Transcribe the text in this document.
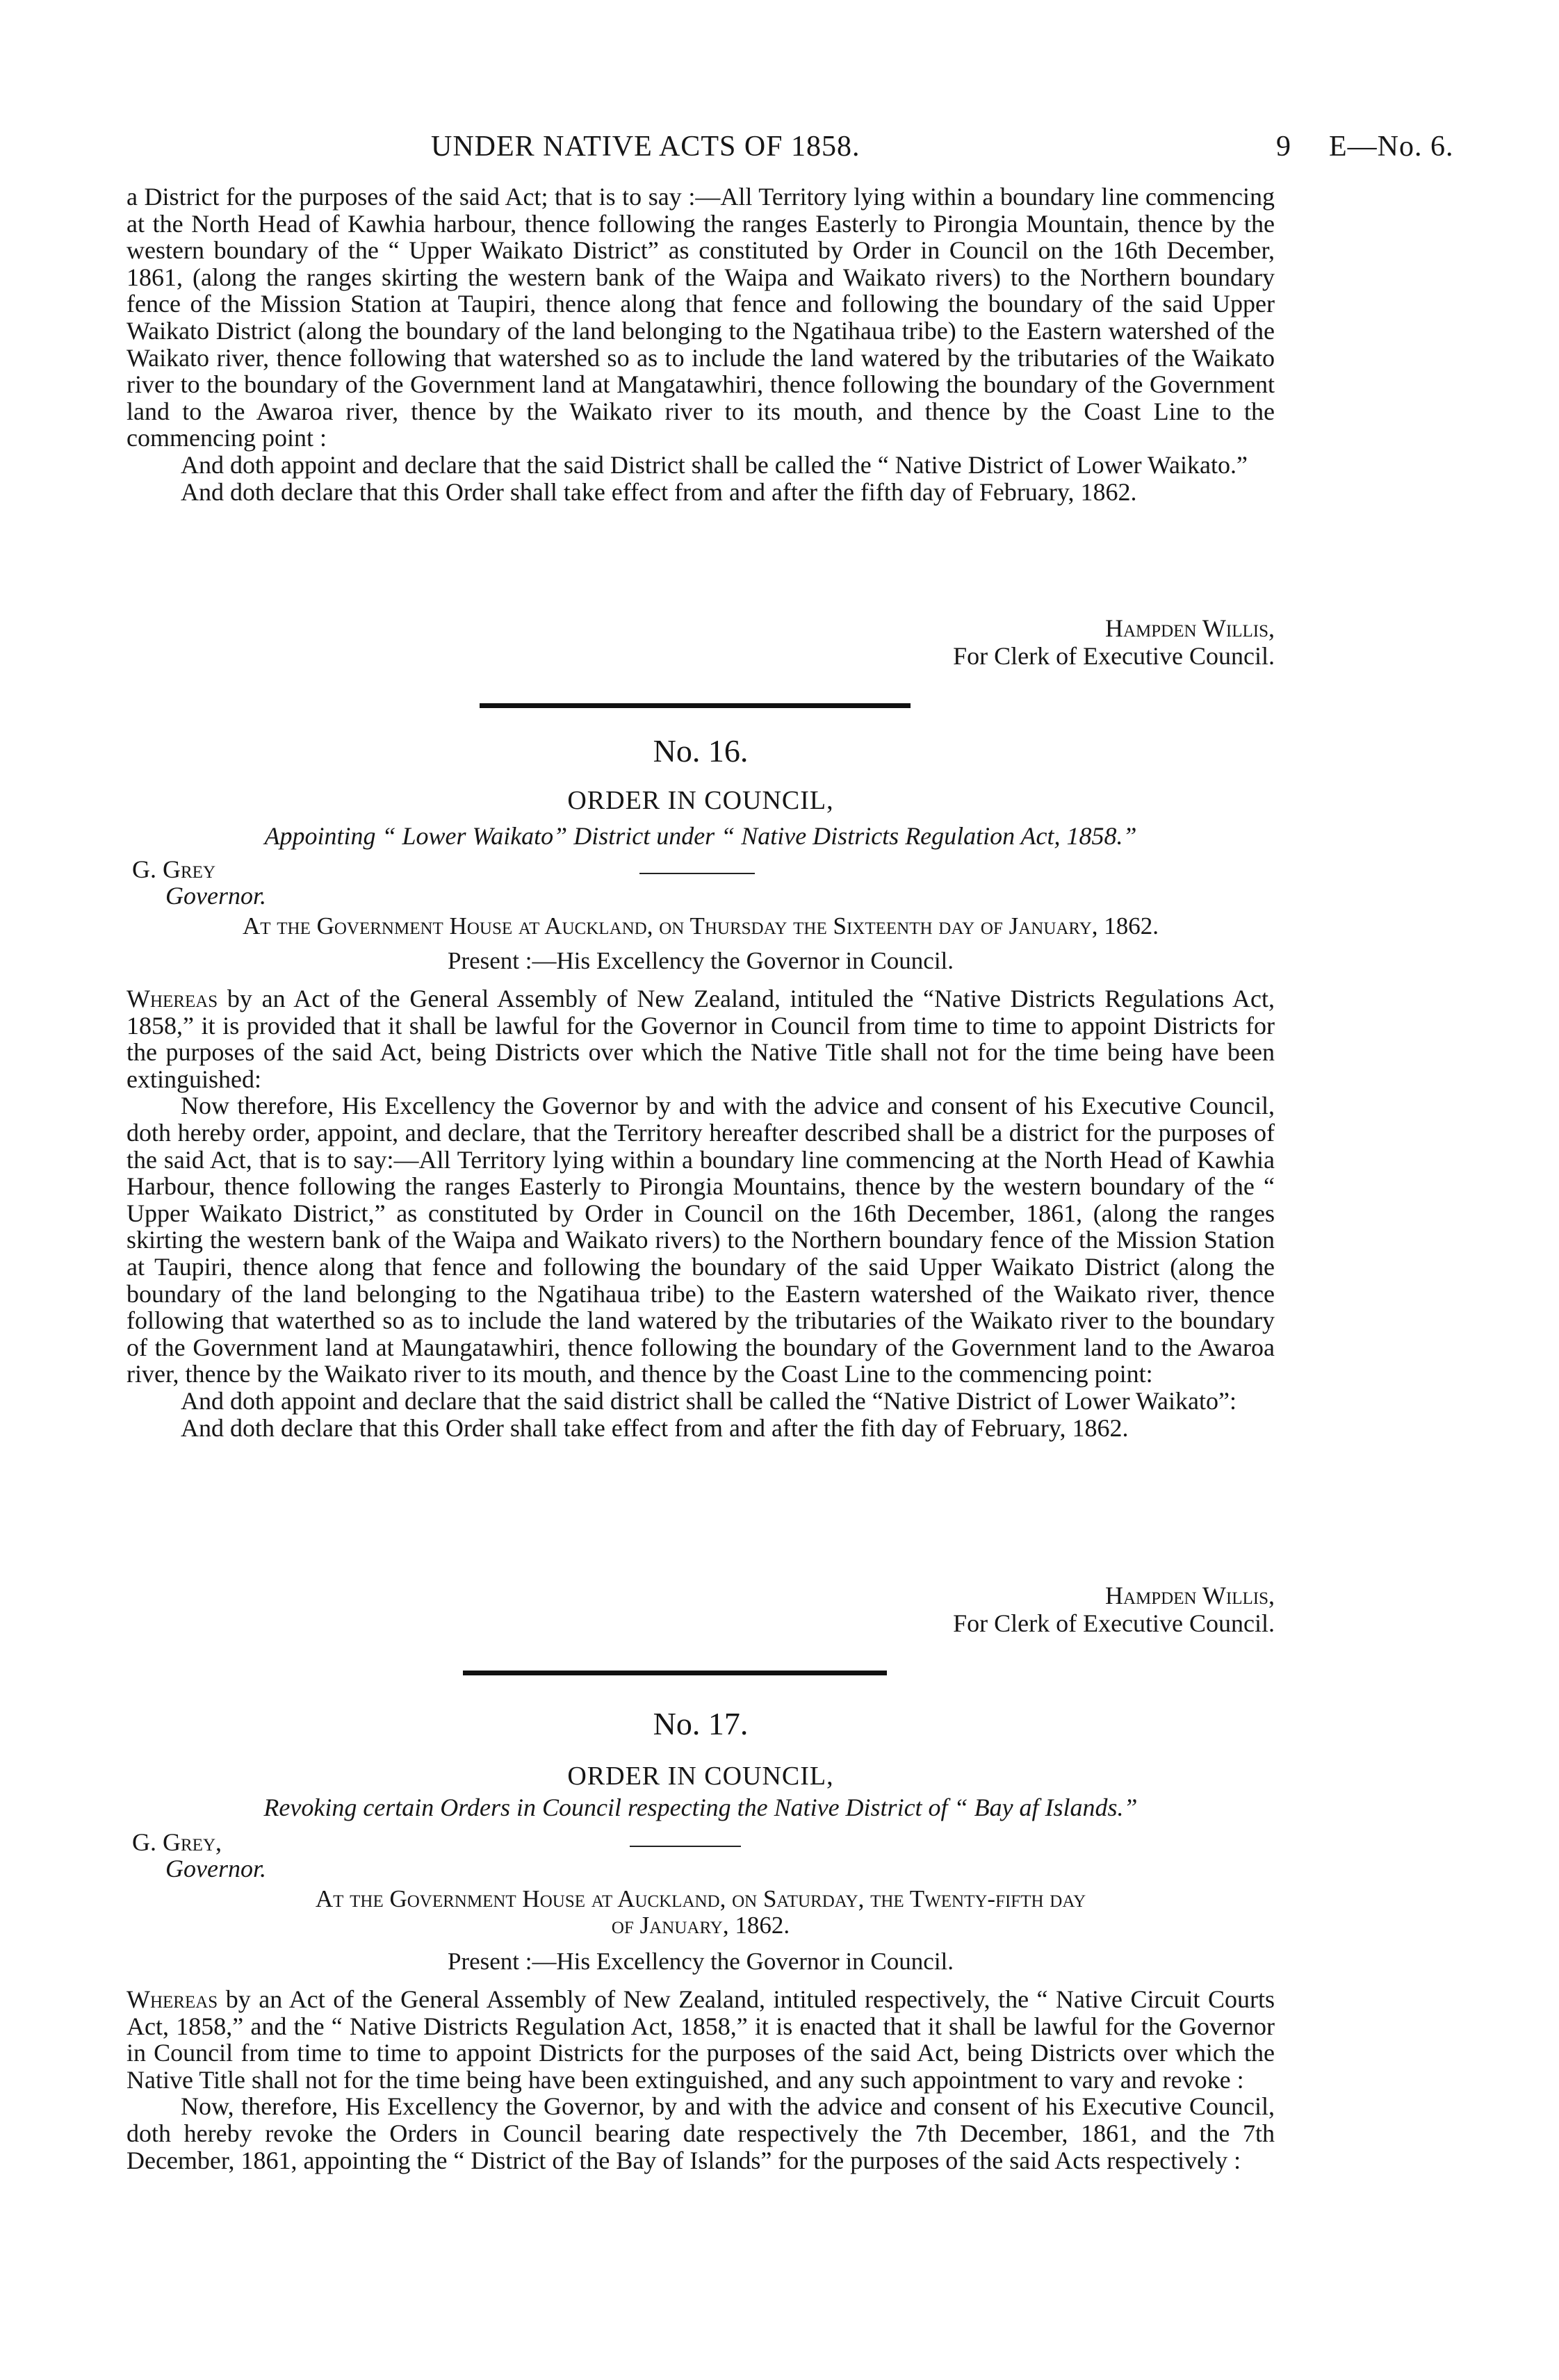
UNDER NATIVE ACTS OF 1858.	9 E—No. 6.

a District for the purposes of the said Act; that is to say :—All Territory lying within a boundary line commencing at the North Head of Kawhia harbour, thence following the ranges Easterly to Pirongia Mountain, thence by the western boundary of the “ Upper Waikato District” as constituted by Order in Council on the 16th December, 1861, (along the ranges skirting the western bank of the Waipa and Waikato rivers) to the Northern boundary fence of the Mission Station at Taupiri, thence along that fence and following the boundary of the said Upper Waikato District (along the boundary of the land belonging to the Ngatihaua tribe) to the Eastern watershed of the Waikato river, thence following that watershed so as to include the land watered by the tributaries of the Waikato river to the boundary of the Government land at Mangatawhiri, thence following the boundary of the Government land to the Awaroa river, thence by the Waikato river to its mouth, and thence by the Coast Line to the commencing point :

And doth appoint and declare that the said District shall be called the “ Native District of Lower Waikato.”

And doth declare that this Order shall take effect from and after the fifth day of February, 1862.

Hampden Willis,

For Clerk of Executive Council.

No. 16.
ORDER IN COUNCIL,
Appointing “ Lower Waikato” District under “ Native Districts Regulation Act, 1858.”

G. Grey

Governor.

At the Government House at Auckland, on Thursday the Sixteenth day of January, 1862.
Present :—His Excellency the Governor in Council.

Whereas by an Act of the General Assembly of New Zealand, intituled the “Native Districts Regulations Act, 1858,” it is provided that it shall be lawful for the Governor in Council from time to time to appoint Districts for the purposes of the said Act, being Districts over which the Native Title shall not for the time being have been extinguished:

Now therefore, His Excellency the Governor by and with the advice and consent of his Executive Council, doth hereby order, appoint, and declare, that the Territory hereafter described shall be a district for the purposes of the said Act, that is to say:—All Territory lying within a boundary line commencing at the North Head of Kawhia Harbour, thence following the ranges Easterly to Pirongia Mountains, thence by the western boundary of the “ Upper Waikato District,” as constituted by Order in Council on the 16th December, 1861, (along the ranges skirting the western bank of the Waipa and Waikato rivers) to the Northern boundary fence of the Mission Station at Taupiri, thence along that fence and following the boundary of the said Upper Waikato District (along the boundary of the land belonging to the Ngatihaua tribe) to the Eastern watershed of the Waikato river, thence following that waterthed so as to include the land watered by the tributaries of the Waikato river to the boundary of the Government land at Maungatawhiri, thence following the boundary of the Government land to the Awaroa river, thence by the Waikato river to its mouth, and thence by the Coast Line to the commencing point:

And doth appoint and declare that the said district shall be called the “Native District of Lower Waikato”:

And doth declare that this Order shall take effect from and after the fith day of February, 1862.

Hampden Willis,

For Clerk of Executive Council.

No. 17.
ORDER IN COUNCIL,
Revoking certain Orders in Council respecting the Native District of “ Bay af Islands.”

G. Grey,

Governor.

At the Government House at Auckland, on Saturday, the Twenty-fifth day
of January, 1862.
Present :—His Excellency the Governor in Council.

Whereas by an Act of the General Assembly of New Zealand, intituled respectively, the “ Native Circuit Courts Act, 1858,” and the “ Native Districts Regulation Act, 1858,” it is enacted that it shall be lawful for the Governor in Council from time to time to appoint Districts for the purposes of the said Act, being Districts over which the Native Title shall not for the time being have been extinguished, and any such appointment to vary and revoke :

Now, therefore, His Excellency the Governor, by and with the advice and consent of his Executive Council, doth hereby revoke the Orders in Council bearing date respectively the 7th December, 1861, and the 7th December, 1861, appointing the “ District of the Bay of Islands” for the purposes of the said Acts respectively :
